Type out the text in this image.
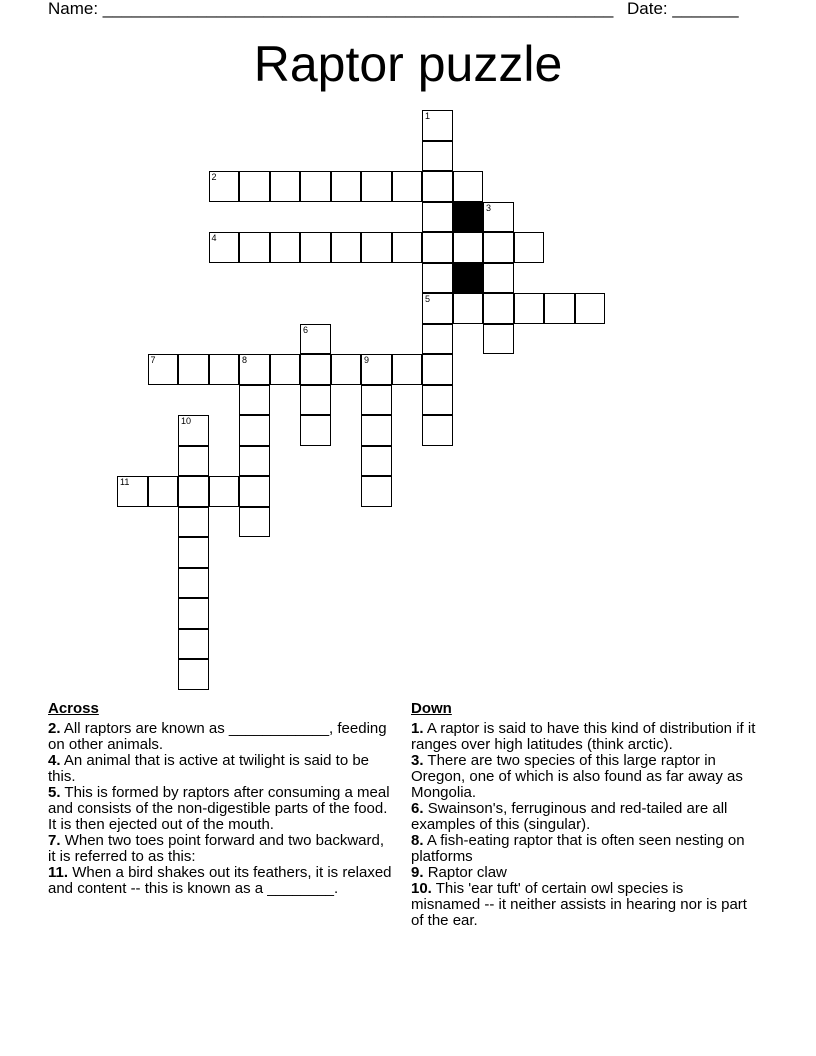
Name: ______________________________________________________ Date: _______
Raptor puzzle
1
2
3
4
5
6
7	8	9
10
11
Across

2. All raptors are known as ____________, feeding on other animals.

4. An animal that is active at twilight is said to be this.

5. This is formed by raptors after consuming a meal and consists of the non-digestible parts of the food. It is then ejected out of the mouth.

7. When two toes point forward and two backward, it is referred to as this:

11. When a bird shakes out its feathers, it is relaxed and content -- this is known as a ________.

Down

1. A raptor is said to have this kind of distribution if it ranges over high latitudes (think arctic).

3. There are two species of this large raptor in Oregon, one of which is also found as far away as Mongolia.

6. Swainson's, ferruginous and red-tailed are all examples of this (singular).

8. A fish-eating raptor that is often seen nesting on platforms

9. Raptor claw

10. This 'ear tuft' of certain owl species is misnamed -- it neither assists in hearing nor is part of the ear.
